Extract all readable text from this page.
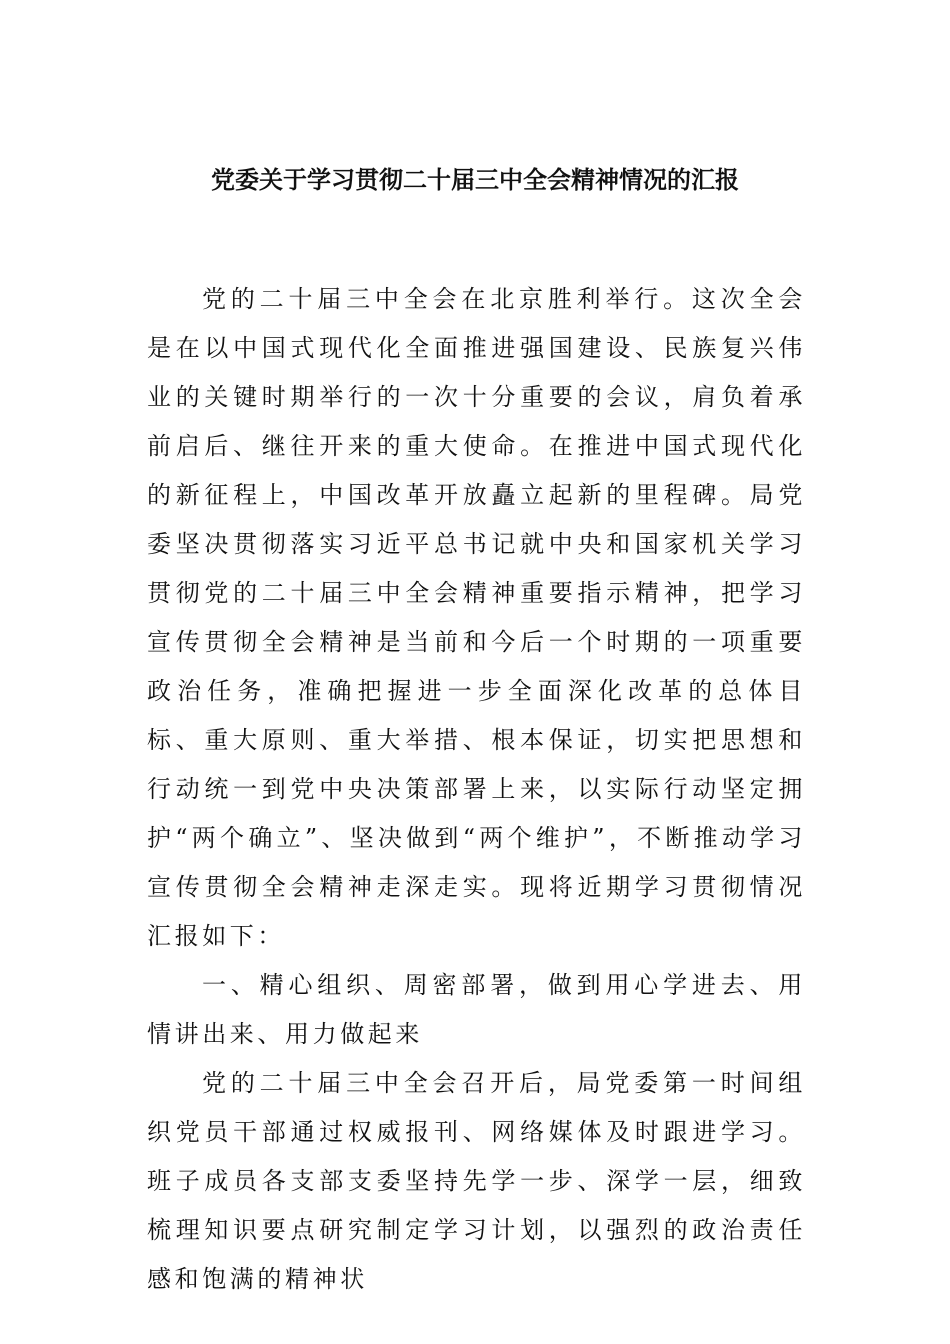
党委关于学习贯彻二十届三中全会精神情况的汇报

党的二十届三中全会在北京胜利举行。这次全会是在以中国式现代化全面推进强国建设、民族复兴伟业的关键时期举行的一次十分重要的会议，肩负着承前启后、继往开来的重大使命。在推进中国式现代化的新征程上，中国改革开放矗立起新的里程碑。局党委坚决贯彻落实习近平总书记就中央和国家机关学习贯彻党的二十届三中全会精神重要指示精神，把学习宣传贯彻全会精神是当前和今后一个时期的一项重要政治任务，准确把握进一步全面深化改革的总体目标、重大原则、重大举措、根本保证，切实把思想和行动统一到党中央决策部署上来，以实际行动坚定拥护“两个确立”、坚决做到“两个维护”，不断推动学习宣传贯彻全会精神走深走实。现将近期学习贯彻情况汇报如下：

一、精心组织、周密部署，做到用心学进去、用情讲出来、用力做起来

党的二十届三中全会召开后，局党委第一时间组织党员干部通过权威报刊、网络媒体及时跟进学习。班子成员各支部支委坚持先学一步、深学一层，细致梳理知识要点研究制定学习计划，以强烈的政治责任感和饱满的精神状
